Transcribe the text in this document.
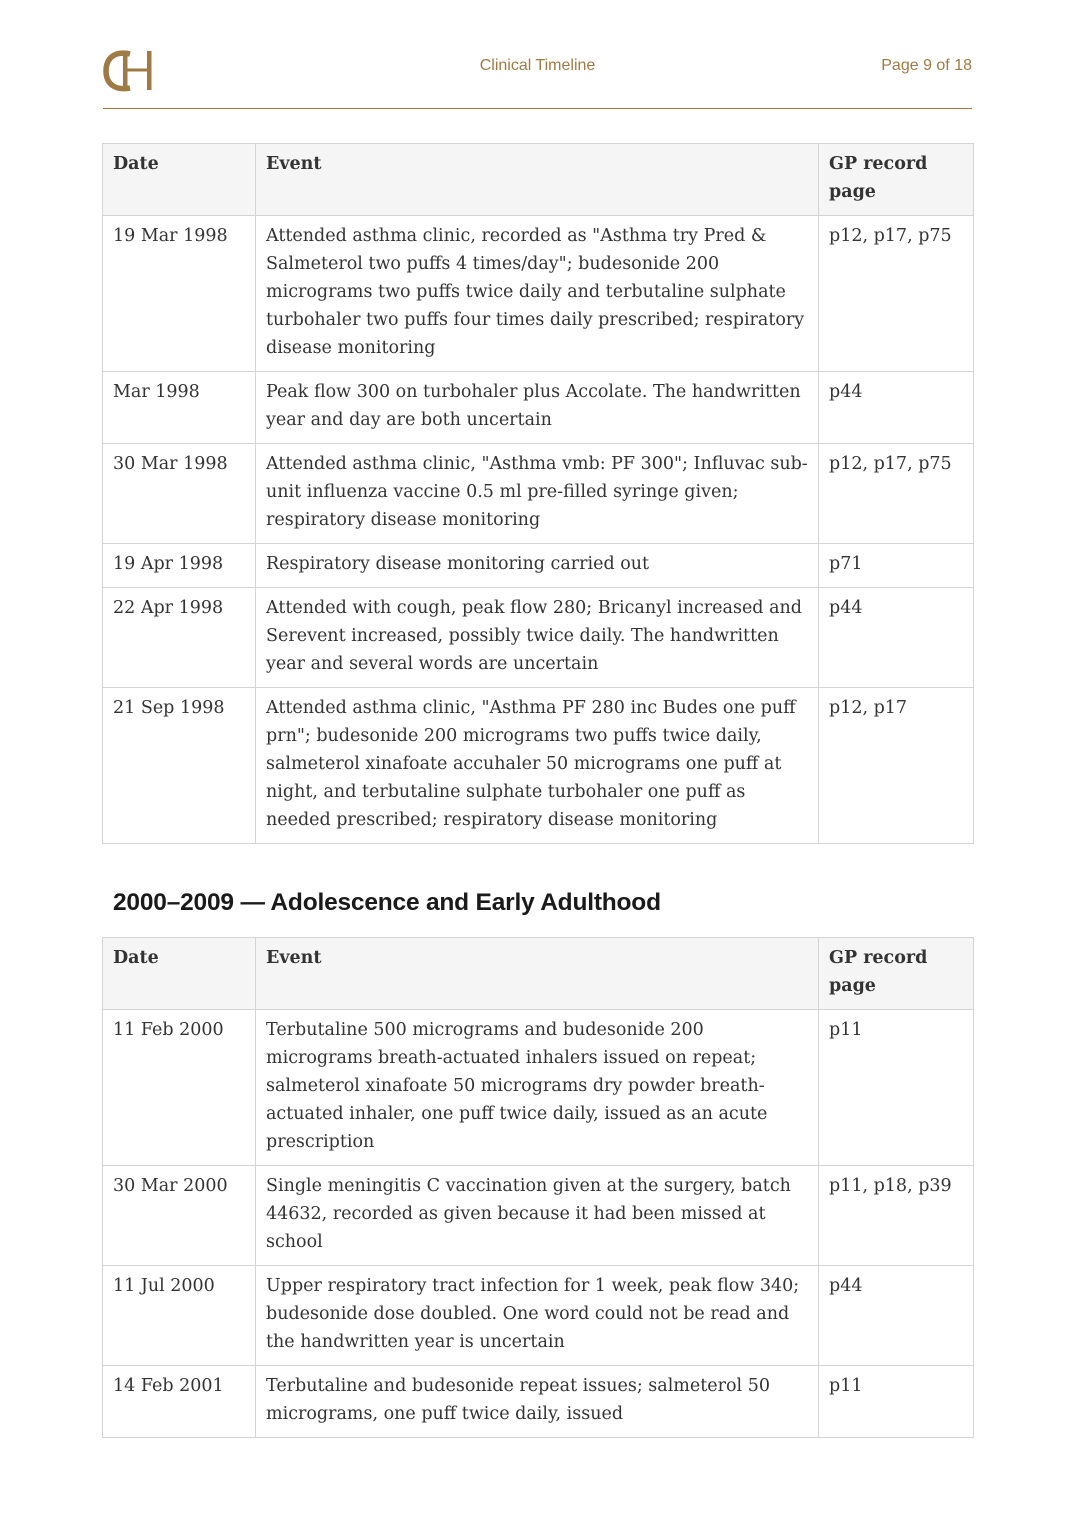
Clinical Timeline	Page 9 of 18
Date	Event	GP record page
19 Mar 1998	Attended asthma clinic, recorded as "Asthma try Pred & Salmeterol two puffs 4 times/day"; budesonide 200 micrograms two puffs twice daily and terbutaline sulphate turbohaler two puffs four times daily prescribed; respiratory disease monitoring	p12, p17, p75
Mar 1998	Peak flow 300 on turbohaler plus Accolate. The handwritten year and day are both uncertain	p44
30 Mar 1998	Attended asthma clinic, "Asthma vmb: PF 300"; Influvac sub-unit influenza vaccine 0.5 ml pre-filled syringe given; respiratory disease monitoring	p12, p17, p75
19 Apr 1998	Respiratory disease monitoring carried out	p71
22 Apr 1998	Attended with cough, peak flow 280; Bricanyl increased and Serevent increased, possibly twice daily. The handwritten year and several words are uncertain	p44
21 Sep 1998	Attended asthma clinic, "Asthma PF 280 inc Budes one puff prn"; budesonide 200 micrograms two puffs twice daily, salmeterol xinafoate accuhaler 50 micrograms one puff at night, and terbutaline sulphate turbohaler one puff as needed prescribed; respiratory disease monitoring	p12, p17
2000–2009 — Adolescence and Early Adulthood
Date	Event	GP record page
11 Feb 2000	Terbutaline 500 micrograms and budesonide 200 micrograms breath-actuated inhalers issued on repeat; salmeterol xinafoate 50 micrograms dry powder breath-actuated inhaler, one puff twice daily, issued as an acute prescription	p11
30 Mar 2000	Single meningitis C vaccination given at the surgery, batch 44632, recorded as given because it had been missed at school	p11, p18, p39
11 Jul 2000	Upper respiratory tract infection for 1 week, peak flow 340; budesonide dose doubled. One word could not be read and the handwritten year is uncertain	p44
14 Feb 2001	Terbutaline and budesonide repeat issues; salmeterol 50 micrograms, one puff twice daily, issued	p11
